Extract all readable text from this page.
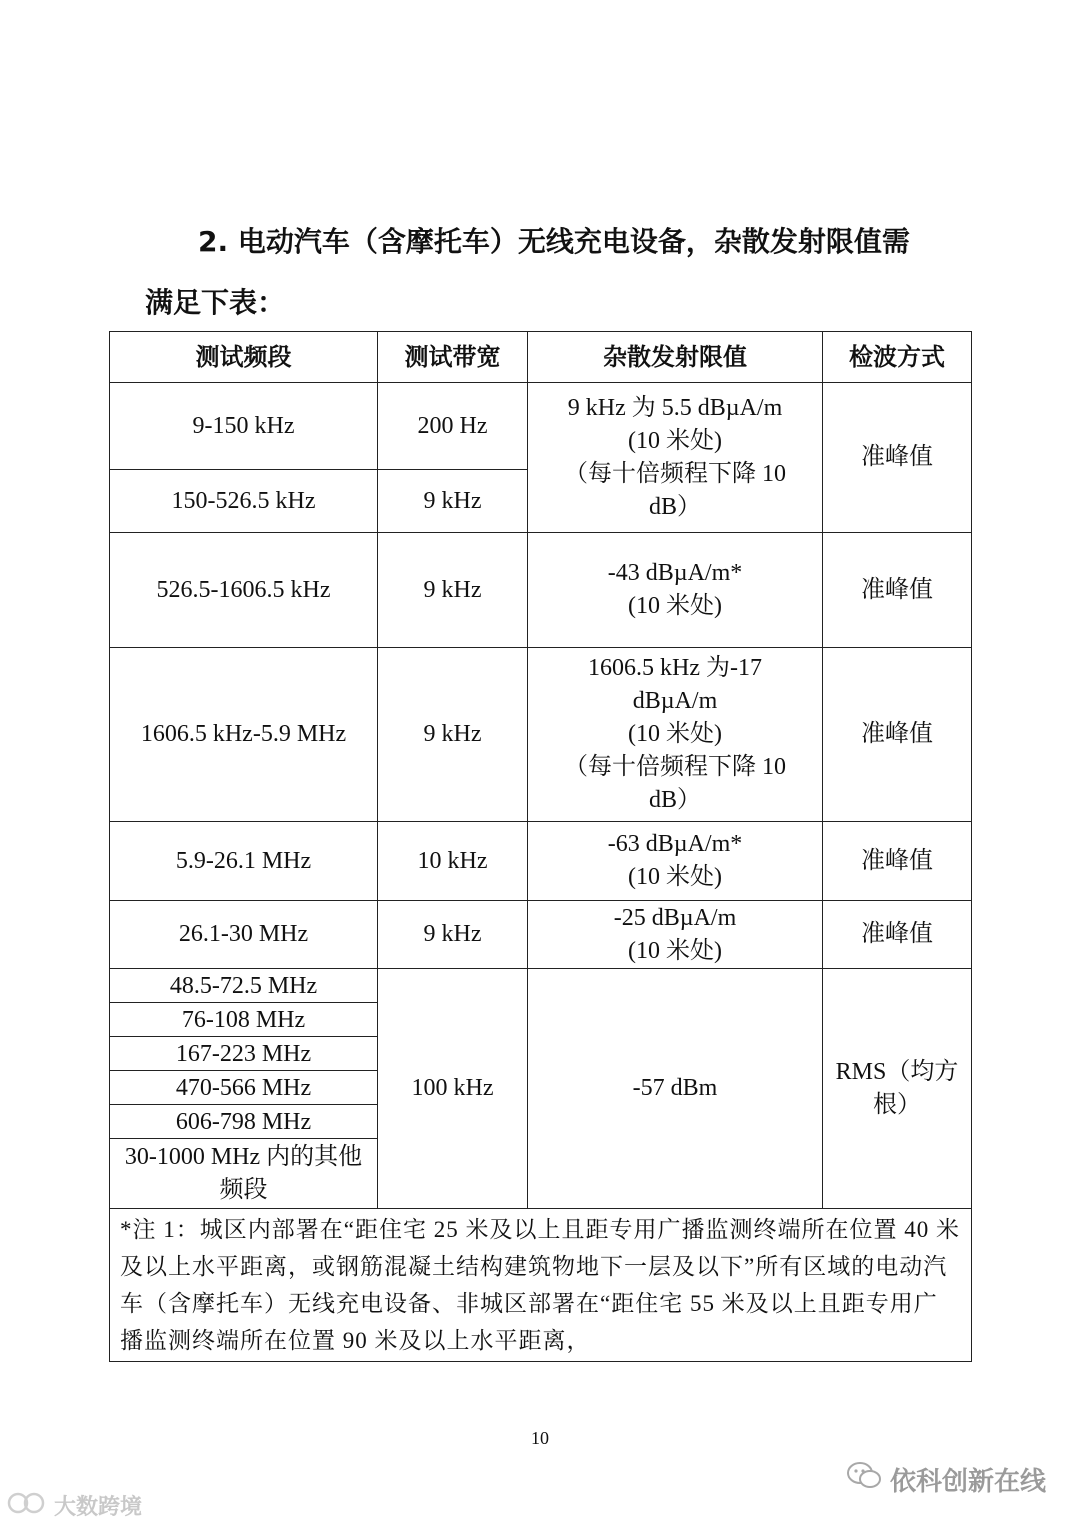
2. 电动汽车（含摩托车）无线充电设备，杂散发射限值需
满足下表：
测试频段	测试带宽	杂散发射限值	检波方式
9-150 kHz	200 Hz	9 kHz 为 5.5 dBµA/m
(10 米处)
（每十倍频程下降 10
dB）	准峰值
150-526.5 kHz	9 kHz		
526.5-1606.5 kHz	9 kHz	-43 dBµA/m*
(10 米处)	准峰值
1606.5 kHz-5.9 MHz	9 kHz	1606.5 kHz 为-17
dBµA/m
(10 米处)
（每十倍频程下降 10
dB）	准峰值
5.9-26.1 MHz	10 kHz	-63 dBµA/m*
(10 米处)	准峰值
26.1-30 MHz	9 kHz	-25 dBµA/m
(10 米处)	准峰值
48.5-72.5 MHz	100 kHz	-57 dBm	RMS（均方根）
76-108 MHz			
167-223 MHz			
470-566 MHz			
606-798 MHz			
30-1000 MHz 内的其他频段			
*注 1：城区内部署在“距住宅 25 米及以上且距专用广播监测终端所在位置 40 米及以上水平距离，或钢筋混凝土结构建筑物地下一层及以下”所有区域的电动汽车（含摩托车）无线充电设备、非城区部署在“距住宅 55 米及以上且距专用广播监测终端所在位置 90 米及以上水平距离，			
10
依科创新在线
大数跨境
